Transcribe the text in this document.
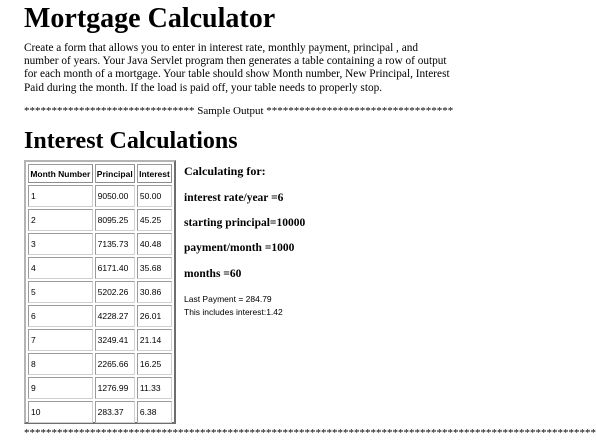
Mortgage Calculator
Create a form that allows you to enter in interest rate, monthly payment, principal , and number of years. Your Java Servlet program then generates a table containing a row of output for each month of a mortgage. Your table should show Month number, New Principal, Interest Paid during the month. If the load is paid off, your table needs to properly stop.
******************************* Sample Output **********************************
Interest Calculations
Month Number	Principal	Interest
1	9050.00	50.00
2	8095.25	45.25
3	7135.73	40.48
4	6171.40	35.68
5	5202.26	30.86
6	4228.27	26.01
7	3249.41	21.14
8	2265.66	16.25
9	1276.99	11.33
10	283.37	6.38
Calculating for:
interest rate/year =6
starting principal=10000
payment/month =1000
months =60
Last Payment = 284.79
This includes interest:1.42
********************************************************************************************************
